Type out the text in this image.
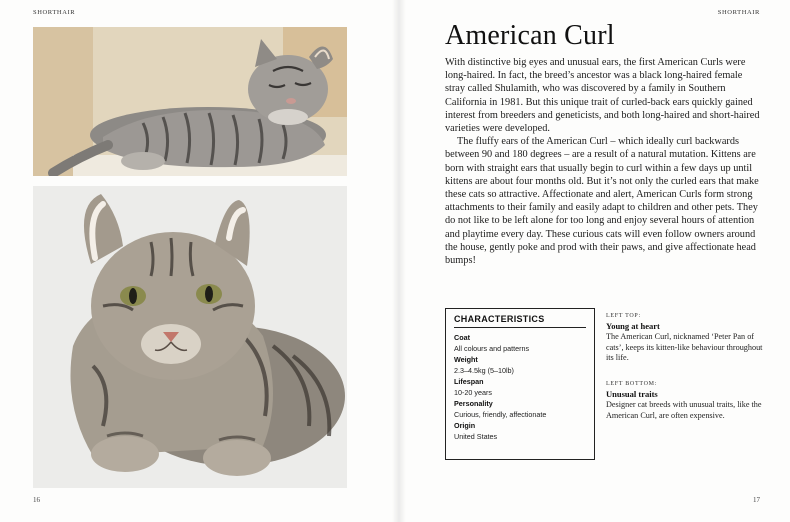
SHORTHAIR
16
SHORTHAIR
American Curl

With distinctive big eyes and unusual ears, the first American Curls were long-haired. In fact, the breed’s ancestor was a black long-haired female stray called Shulamith, who was discovered by a family in Southern California in 1981. But this unique trait of curled-back ears quickly gained interest from breeders and geneticists, and both long-haired and short-haired varieties were developed.

The fluffy ears of the American Curl – which ideally curl backwards between 90 and 180 degrees – are a result of a natural mutation. Kittens are born with straight ears that usually begin to curl within a few days up until kittens are about four months old. But it’s not only the curled ears that make these cats so attractive. Affectionate and alert, American Curls form strong attachments to their family and easily adapt to children and other pets. They do not like to be left alone for too long and enjoy several hours of attention and playtime every day. These curious cats will even follow owners around the house, gently poke and prod with their paws, and give affectionate head bumps!

CHARACTERISTICS
Coat
All colours and patterns
Weight
2.3–4.5kg (5–10lb)
Lifespan
10-20 years
Personality
Curious, friendly, affectionate
Origin
United States
LEFT TOP:
Young at heart
The American Curl, nicknamed ‘Peter Pan of cats’, keeps its kitten-like behaviour throughout its life.
LEFT BOTTOM:
Unusual traits
Designer cat breeds with unusual traits, like the American Curl, are often expensive.
17
